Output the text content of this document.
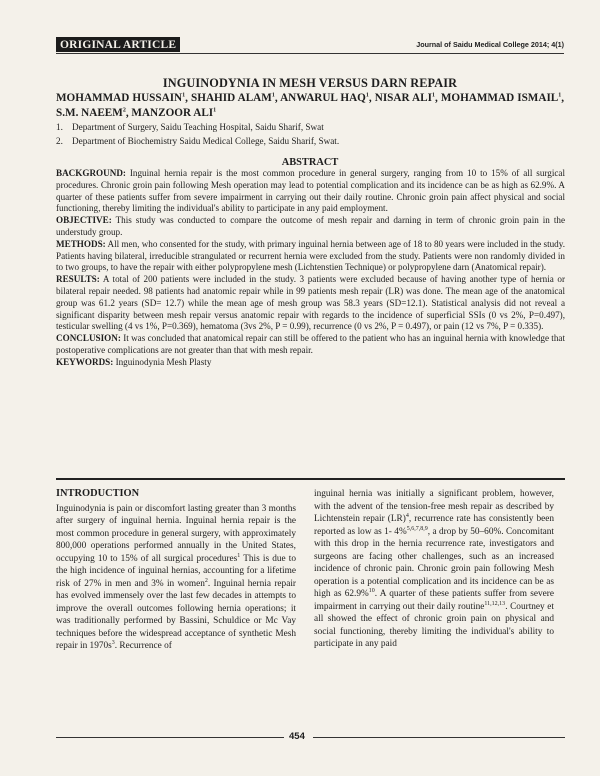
ORIGINAL ARTICLE	Journal of Saidu Medical College 2014; 4(1)
INGUINODYNIA IN MESH VERSUS DARN REPAIR
MOHAMMAD HUSSAIN$^1$, SHAHID ALAM$^1$, ANWARUL HAQ$^1$, NISAR ALI$^1$, MOHAMMAD ISMAIL$^1$, S.M. NAEEM$^2$, MANZOOR ALI$^1$
1. Department of Surgery, Saidu Teaching Hospital, Saidu Sharif, Swat
2. Department of Biochemistry Saidu Medical College, Saidu Sharif, Swat.
ABSTRACT

BACKGROUND: Inguinal hernia repair is the most common procedure in general surgery, ranging from 10 to 15% of all surgical procedures. Chronic groin pain following Mesh operation may lead to potential complication and its incidence can be as high as 62.9%. A quarter of these patients suffer from severe impairment in carrying out their daily routine. Chronic groin pain affect physical and social functioning, thereby limiting the individual's ability to participate in any paid employment.

OBJECTIVE: This study was conducted to compare the outcome of mesh repair and darning in term of chronic groin pain in the understudy group.

METHODS: All men, who consented for the study, with primary inguinal hernia between age of 18 to 80 years were included in the study. Patients having bilateral, irreducible strangulated or recurrent hernia were excluded from the study. Patients were non randomly divided in to two groups, to have the repair with either polypropylene mesh (Lichtenstien Technique) or polypropylene darn (Anatomical repair).

RESULTS: A total of 200 patients were included in the study. 3 patients were excluded because of having another type of hernia or bilateral repair needed. 98 patients had anatomic repair while in 99 patients mesh repair (LR) was done. The mean age of the anatomical group was 61.2 years (SD= 12.7) while the mean age of mesh group was 58.3 years (SD=12.1). Statistical analysis did not reveal a significant disparity between mesh repair versus anatomic repair with regards to the incidence of superficial SSIs (0 vs 2%, P=0.497), testicular swelling (4 vs 1%, P=0.369), hematoma (3vs 2%, P = 0.99), recurrence (0 vs 2%, P = 0.497), or pain (12 vs 7%, P = 0.335).

CONCLUSION: It was concluded that anatomical repair can still be offered to the patient who has an inguinal hernia with knowledge that postoperative complications are not greater than that with mesh repair.

KEYWORDS: Inguinodynia Mesh Plasty

INTRODUCTION
Inguinodynia is pain or discomfort lasting greater than 3 months after surgery of inguinal hernia. Inguinal hernia repair is the most common procedure in general surgery, with approximately 800,000 operations performed annually in the United States, occupying 10 to 15% of all surgical procedures$^1$ This is due to the high incidence of inguinal hernias, accounting for a lifetime risk of 27% in men and 3% in women$^2$. Inguinal hernia repair has evolved immensely over the last few decades in attempts to improve the overall outcomes following hernia operations; it was traditionally performed by Bassini, Schuldice or Mc Vay techniques before the widespread acceptance of synthetic Mesh repair in $1970s^3$. Recurrence of
inguinal hernia was initially a significant problem, however, with the advent of the tension-free mesh repair as described by Lichtenstein repair (LR)$^4$, recurrence rate has consistently been reported as low as 1- 4%$^{5,6,7,8,9}$, a drop by 50–60%. Concomitant with this drop in the hernia recurrence rate, investigators and surgeons are facing other challenges, such as an increased incidence of chronic pain. Chronic groin pain following Mesh operation is a potential complication and its incidence can be as high as 62.9%$^{10}$. A quarter of these patients suffer from severe impairment in carrying out their daily routine$^{11,12,13}$. Courtney et all showed the effect of chronic groin pain on physical and social functioning, thereby limiting the individual's ability to participate in any paid
454
